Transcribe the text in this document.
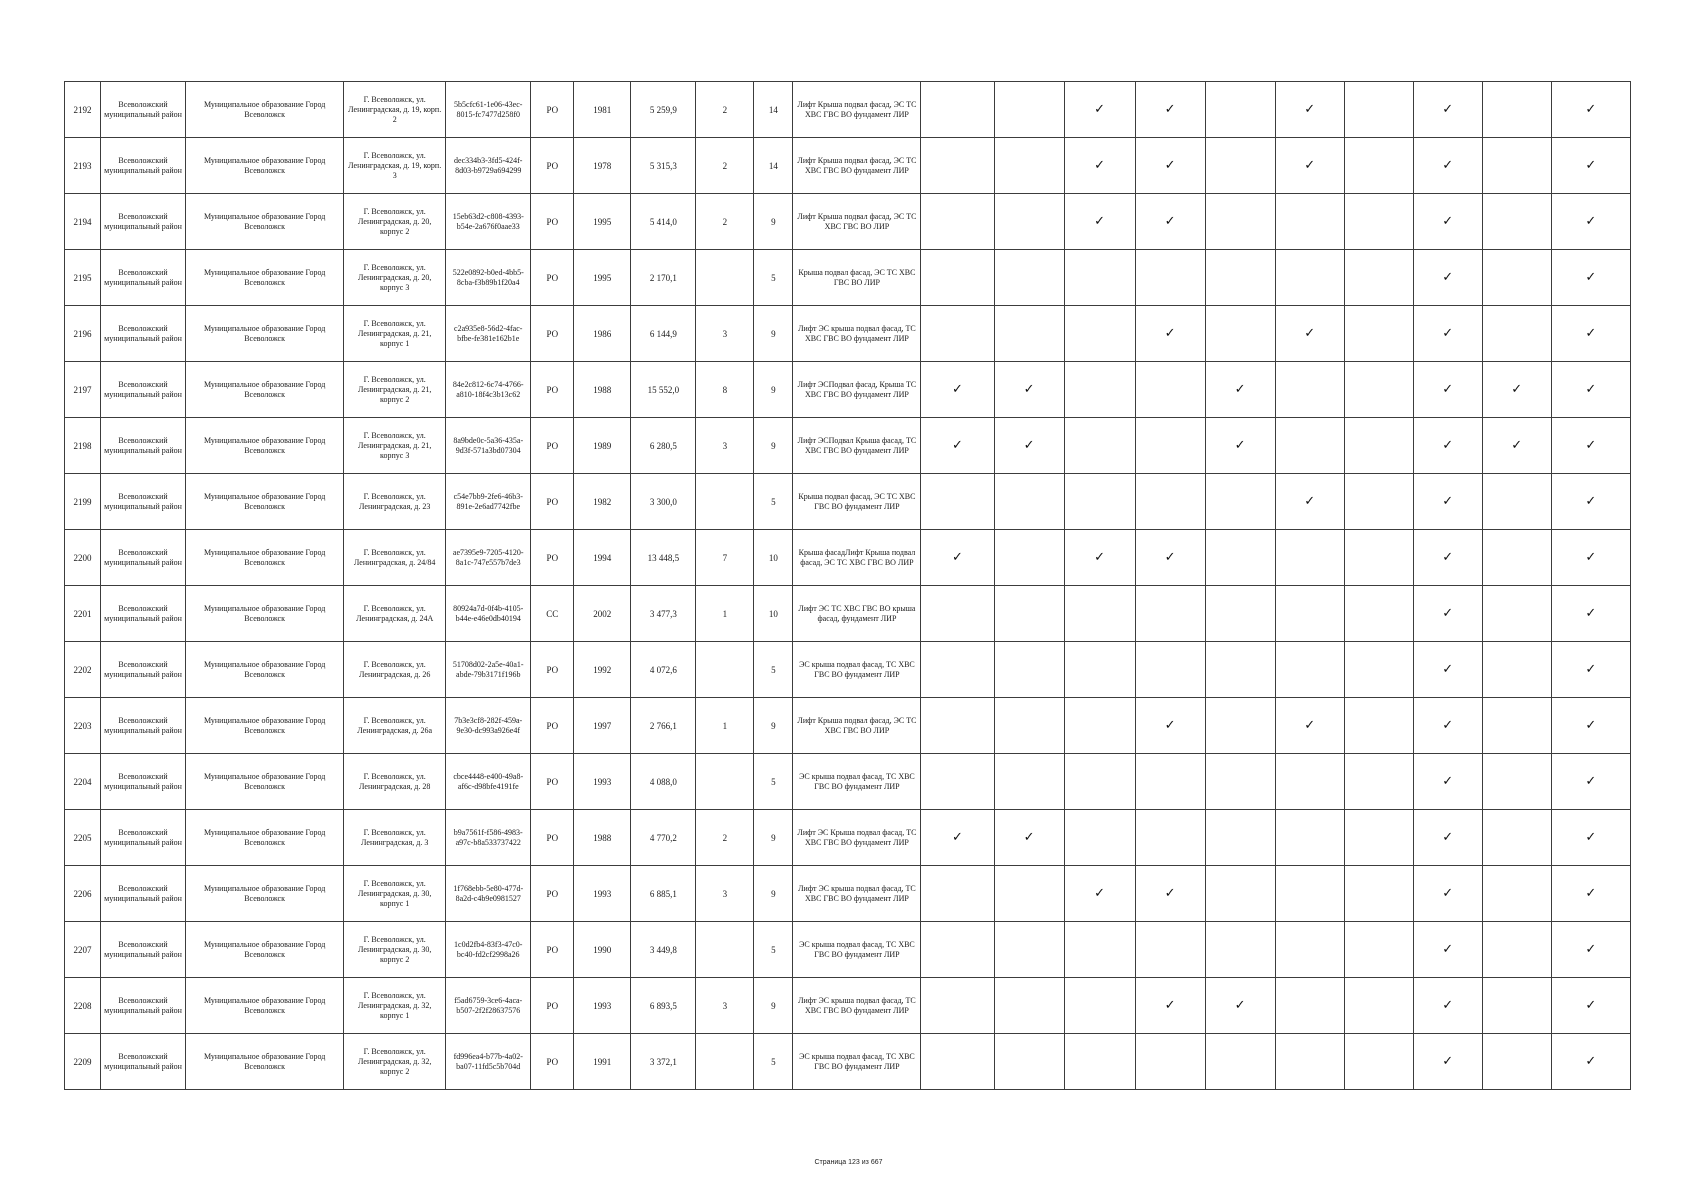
2192	Всеволожский муниципальный район	Муниципальное образование Город Всеволожск	Г. Всеволожск, ул. Ленинградская, д. 19, корп. 2	5b5cfc61-1e06-43ec-8015-fc7477d258f0	РО	1981	5 259,9	2	14	Лифт Крыша подвал фасад, ЭС ТС ХВС ГВС ВО фундамент ЛИР			✓	✓		✓		✓		✓
2193	Всеволожский муниципальный район	Муниципальное образование Город Всеволожск	Г. Всеволожск, ул. Ленинградская, д. 19, корп. 3	dec334b3-3fd5-424f-8d03-b9729a694299	РО	1978	5 315,3	2	14	Лифт Крыша подвал фасад, ЭС ТС ХВС ГВС ВО фундамент ЛИР			✓	✓		✓		✓		✓
2194	Всеволожский муниципальный район	Муниципальное образование Город Всеволожск	Г. Всеволожск, ул. Ленинградская, д. 20, корпус 2	15eb63d2-c808-4393-b54e-2a676f0aae33	РО	1995	5 414,0	2	9	Лифт Крыша подвал фасад, ЭС ТС ХВС ГВС ВО ЛИР			✓	✓				✓		✓
2195	Всеволожский муниципальный район	Муниципальное образование Город Всеволожск	Г. Всеволожск, ул. Ленинградская, д. 20, корпус 3	522e0892-b0ed-4bb5-8cba-f3b89b1f20a4	РО	1995	2 170,1		5	Крыша подвал фасад, ЭС ТС ХВС ГВС ВО ЛИР								✓		✓
2196	Всеволожский муниципальный район	Муниципальное образование Город Всеволожск	Г. Всеволожск, ул. Ленинградская, д. 21, корпус 1	c2a935e8-56d2-4fac-bfbe-fe381e162b1e	РО	1986	6 144,9	3	9	Лифт ЭС крыша подвал фасад, ТС ХВС ГВС ВО фундамент ЛИР				✓		✓		✓		✓
2197	Всеволожский муниципальный район	Муниципальное образование Город Всеволожск	Г. Всеволожск, ул. Ленинградская, д. 21, корпус 2	84e2c812-6c74-4766-a810-18f4c3b13c62	РО	1988	15 552,0	8	9	Лифт ЭСПодвал фасад, Крыша ТС ХВС ГВС ВО фундамент ЛИР	✓	✓			✓			✓	✓	✓
2198	Всеволожский муниципальный район	Муниципальное образование Город Всеволожск	Г. Всеволожск, ул. Ленинградская, д. 21, корпус 3	8a9bde0c-5a36-435a-9d3f-571a3bd07304	РО	1989	6 280,5	3	9	Лифт ЭСПодвал Крыша фасад, ТС ХВС ГВС ВО фундамент ЛИР	✓	✓			✓			✓	✓	✓
2199	Всеволожский муниципальный район	Муниципальное образование Город Всеволожск	Г. Всеволожск, ул. Ленинградская, д. 23	c54e7bb9-2fe6-46b3-891e-2e6ad7742fbe	РО	1982	3 300,0		5	Крыша подвал фасад, ЭС ТС ХВС ГВС ВО фундамент ЛИР						✓		✓		✓
2200	Всеволожский муниципальный район	Муниципальное образование Город Всеволожск	Г. Всеволожск, ул. Ленинградская, д. 24/84	ae7395e9-7205-4120-8a1c-747e557b7de3	РО	1994	13 448,5	7	10	Крыша фасадЛифт Крыша подвал фасад, ЭС ТС ХВС ГВС ВО ЛИР	✓		✓	✓				✓		✓
2201	Всеволожский муниципальный район	Муниципальное образование Город Всеволожск	Г. Всеволожск, ул. Ленинградская, д. 24А	80924a7d-0f4b-4105-b44e-e46e0db40194	СС	2002	3 477,3	1	10	Лифт ЭС ТС ХВС ГВС ВО крыша фасад, фундамент ЛИР								✓		✓
2202	Всеволожский муниципальный район	Муниципальное образование Город Всеволожск	Г. Всеволожск, ул. Ленинградская, д. 26	51708d02-2a5e-40a1-abde-79b3171f196b	РО	1992	4 072,6		5	ЭС крыша подвал фасад, ТС ХВС ГВС ВО фундамент ЛИР								✓		✓
2203	Всеволожский муниципальный район	Муниципальное образование Город Всеволожск	Г. Всеволожск, ул. Ленинградская, д. 26а	7b3e3cf8-282f-459a-9e30-dc993a926e4f	РО	1997	2 766,1	1	9	Лифт Крыша подвал фасад, ЭС ТС ХВС ГВС ВО ЛИР				✓		✓		✓		✓
2204	Всеволожский муниципальный район	Муниципальное образование Город Всеволожск	Г. Всеволожск, ул. Ленинградская, д. 28	cbce4448-e400-49a8-af6c-d98bfe4191fe	РО	1993	4 088,0		5	ЭС крыша подвал фасад, ТС ХВС ГВС ВО фундамент ЛИР								✓		✓
2205	Всеволожский муниципальный район	Муниципальное образование Город Всеволожск	Г. Всеволожск, ул. Ленинградская, д. 3	b9a7561f-f586-4983-a97c-b8a533737422	РО	1988	4 770,2	2	9	Лифт ЭС Крыша подвал фасад, ТС ХВС ГВС ВО фундамент ЛИР	✓	✓						✓		✓
2206	Всеволожский муниципальный район	Муниципальное образование Город Всеволожск	Г. Всеволожск, ул. Ленинградская, д. 30, корпус 1	1f768ebb-5e80-477d-8a2d-c4b9e0981527	РО	1993	6 885,1	3	9	Лифт ЭС крыша подвал фасад, ТС ХВС ГВС ВО фундамент ЛИР			✓	✓				✓		✓
2207	Всеволожский муниципальный район	Муниципальное образование Город Всеволожск	Г. Всеволожск, ул. Ленинградская, д. 30, корпус 2	1c0d2fb4-83f3-47c0-bc40-fd2cf2998a26	РО	1990	3 449,8		5	ЭС крыша подвал фасад, ТС ХВС ГВС ВО фундамент ЛИР								✓		✓
2208	Всеволожский муниципальный район	Муниципальное образование Город Всеволожск	Г. Всеволожск, ул. Ленинградская, д. 32, корпус 1	f5ad6759-3ce6-4aca-b507-2f2f28637576	РО	1993	6 893,5	3	9	Лифт ЭС крыша подвал фасад, ТС ХВС ГВС ВО фундамент ЛИР				✓	✓			✓		✓
2209	Всеволожский муниципальный район	Муниципальное образование Город Всеволожск	Г. Всеволожск, ул. Ленинградская, д. 32, корпус 2	fd996ea4-b77b-4a02-ba07-11fd5c5b704d	РО	1991	3 372,1		5	ЭС крыша подвал фасад, ТС ХВС ГВС ВО фундамент ЛИР								✓		✓
Страница 123 из 667
